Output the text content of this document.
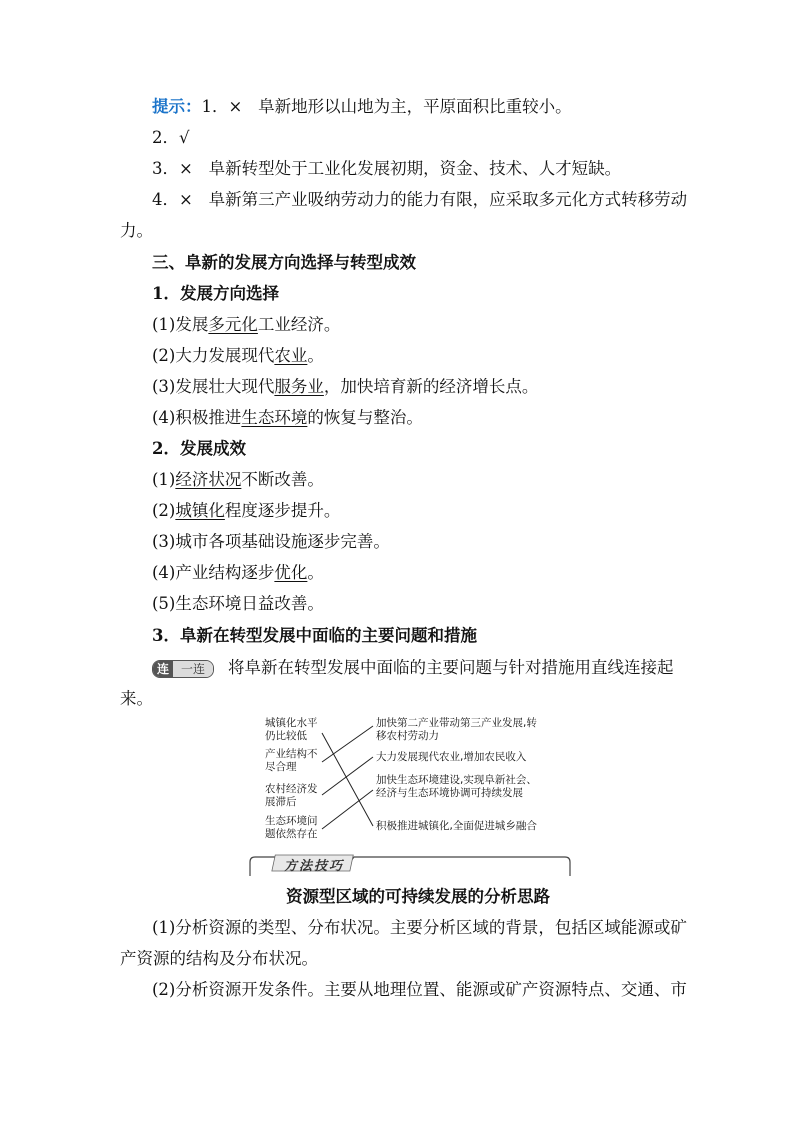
提示：1．× 阜新地形以山地为主，平原面积比重较小。
2．√
3．× 阜新转型处于工业化发展初期，资金、技术、人才短缺。
4．× 阜新第三产业吸纳劳动力的能力有限，应采取多元化方式转移劳动
力。
三、阜新的发展方向选择与转型成效
1．发展方向选择
(1)发展多元化工业经济。
(2)大力发展现代农业。
(3)发展壮大现代服务业，加快培育新的经济增长点。
(4)积极推进生态环境的恢复与整治。
2．发展成效
(1)经济状况不断改善。
(2)城镇化程度逐步提升。
(3)城市各项基础设施逐步完善。
(4)产业结构逐步优化。
(5)生态环境日益改善。
3．阜新在转型发展中面临的主要问题和措施
连 一连 将阜新在转型发展中面临的主要问题与针对措施用直线连接起
来。
城镇化水平
仍比较低
产业结构不
尽合理
农村经济发
展滞后
生态环境问
题依然存在
加快第二产业带动第三产业发展,转
移农村劳动力
大力发展现代农业,增加农民收入
加快生态环境建设,实现阜新社会、
经济与生态环境协调可持续发展
积极推进城镇化,全面促进城乡融合
方法技巧
资源型区域的可持续发展的分析思路
(1)分析资源的类型、分布状况。主要分析区域的背景，包括区域能源或矿
产资源的结构及分布状况。
(2)分析资源开发条件。主要从地理位置、能源或矿产资源特点、交通、市
